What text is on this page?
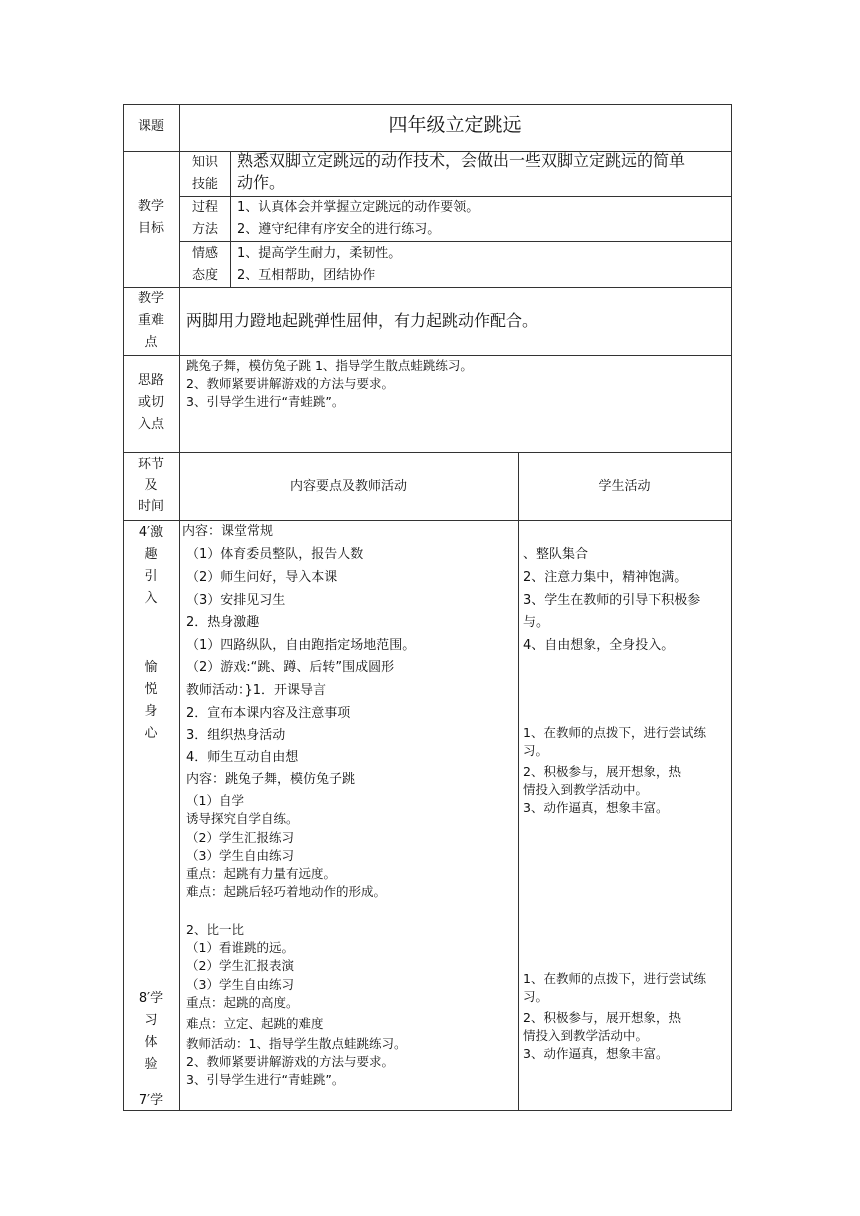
课题	四年级立定跳远
教学
目标
知识
技能
熟悉双脚立定跳远的动作技术，会做出一些双脚立定跳远的简单
动作。
过程
方法
1、认真体会并掌握立定跳远的动作要领。
2、遵守纪律有序安全的进行练习。
情感
态度
1、提高学生耐力，柔韧性。
2、互相帮助，团结协作
教学
重难
点
两脚用力蹬地起跳弹性屈伸，有力起跳动作配合。
思路
或切
入点
跳兔子舞，模仿兔子跳 1、指导学生散点蛙跳练习。
2、教师紧要讲解游戏的方法与要求。
3、引导学生进行“青蛙跳”。
环节
及
时间
内容要点及教师活动	学生活动
4′激
趣
引
入
愉
悦
身
心
8′学
习
体
验
7′学
内容：课堂常规
（1）体育委员整队，报告人数
（2）师生问好，导入本课
（3）安排见习生
2．热身激趣
（1）四路纵队，自由跑指定场地范围。
（2）游戏:“跳、蹲、后转”围成圆形
教师活动：}1．开课导言
2．宣布本课内容及注意事项
3．组织热身活动
4．师生互动自由想
内容：跳兔子舞，模仿兔子跳
（1）自学
诱导探究自学自练。
（2）学生汇报练习
（3）学生自由练习
重点：起跳有力量有远度。
难点：起跳后轻巧着地动作的形成。
2、比一比
（1）看谁跳的远。
（2）学生汇报表演
（3）学生自由练习
重点：起跳的高度。
难点：立定、起跳的难度
教师活动：1、指导学生散点蛙跳练习。
2、教师紧要讲解游戏的方法与要求。
3、引导学生进行“青蛙跳”。
、整队集合
2、注意力集中，精神饱满。
3、学生在教师的引导下积极参
与。
4、自由想象，全身投入。
1、在教师的点拨下，进行尝试练
习。
2、积极参与，展开想象，热
情投入到教学活动中。
3、动作逼真，想象丰富。
1、在教师的点拨下，进行尝试练
习。
2、积极参与，展开想象，热
情投入到教学活动中。
3、动作逼真，想象丰富。
